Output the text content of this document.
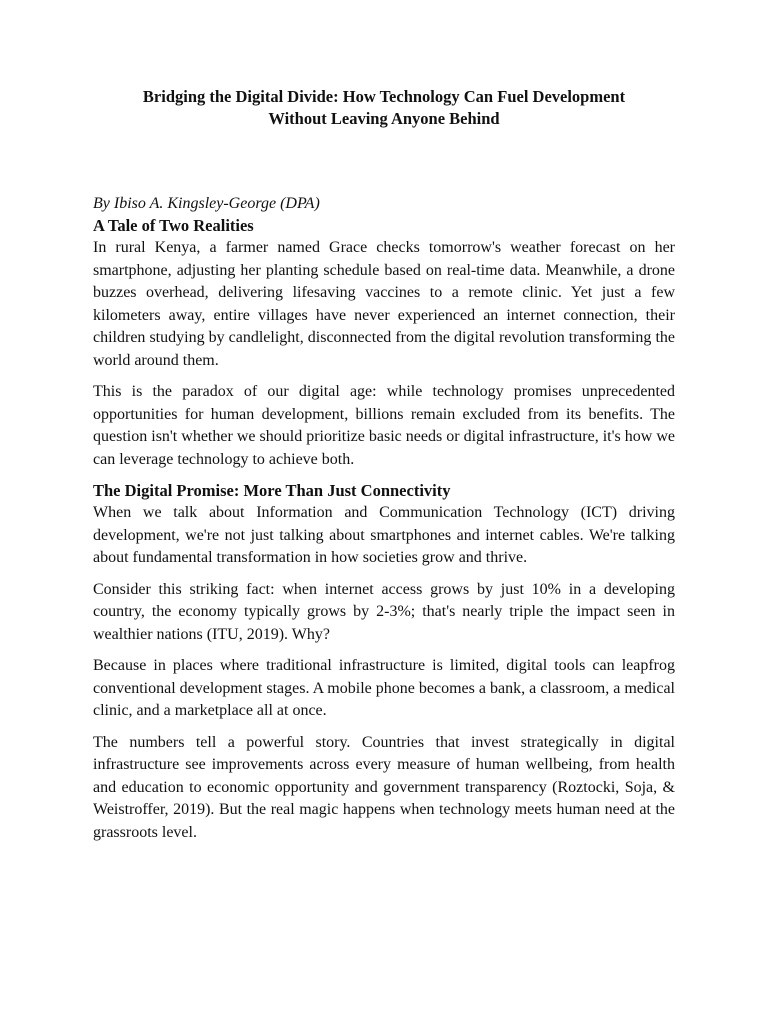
Bridging the Digital Divide: How Technology Can Fuel Development
Without Leaving Anyone Behind

By Ibiso A. Kingsley-George (DPA)

A Tale of Two Realities

In rural Kenya, a farmer named Grace checks tomorrow's weather forecast on her smartphone, adjusting her planting schedule based on real-time data. Meanwhile, a drone buzzes overhead, delivering lifesaving vaccines to a remote clinic. Yet just a few kilometers away, entire villages have never experienced an internet connection, their children studying by candlelight, disconnected from the digital revolution transforming the world around them.

This is the paradox of our digital age: while technology promises unprecedented opportunities for human development, billions remain excluded from its benefits. The question isn't whether we should prioritize basic needs or digital infrastructure, it's how we can leverage technology to achieve both.

The Digital Promise: More Than Just Connectivity

When we talk about Information and Communication Technology (ICT) driving development, we're not just talking about smartphones and internet cables. We're talking about fundamental transformation in how societies grow and thrive.

Consider this striking fact: when internet access grows by just 10% in a developing country, the economy typically grows by 2-3%; that's nearly triple the impact seen in wealthier nations (ITU, 2019). Why?

Because in places where traditional infrastructure is limited, digital tools can leapfrog conventional development stages. A mobile phone becomes a bank, a classroom, a medical clinic, and a marketplace all at once.

The numbers tell a powerful story. Countries that invest strategically in digital infrastructure see improvements across every measure of human wellbeing, from health and education to economic opportunity and government transparency (Roztocki, Soja, & Weistroffer, 2019). But the real magic happens when technology meets human need at the grassroots level.
